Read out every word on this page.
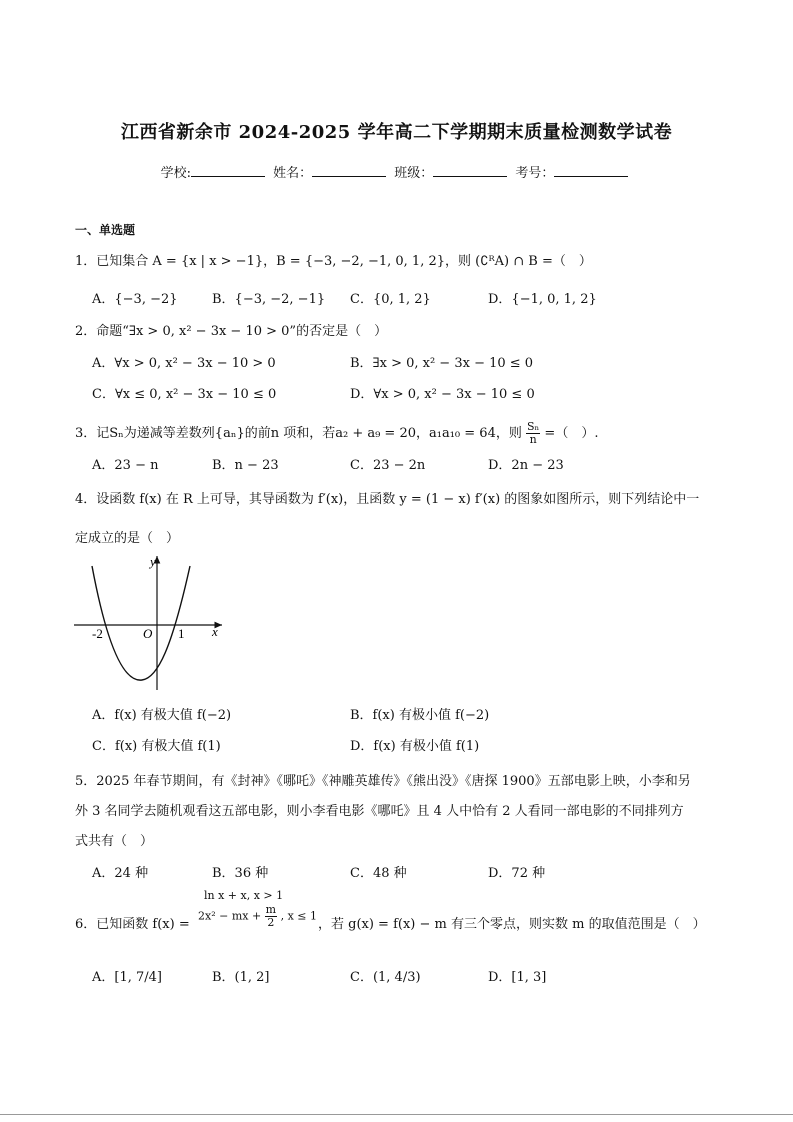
江西省新余市 2024-2025 学年高二下学期期末质量检测数学试卷
学校:	姓名：	班级：	考号：
一、单选题
1．已知集合 A = {x | x > −1}，B = {−3, −2, −1, 0, 1, 2}，则 (∁ᴿA) ∩ B =（　）
A．{−3, −2}	B．{−3, −2, −1} C．{0, 1, 2}	D．{−1, 0, 1, 2}
2．命题“∃x > 0, x² − 3x − 10 > 0”的否定是（　）
A．∀x > 0, x² − 3x − 10 > 0	B．∃x > 0, x² − 3x − 10 ≤ 0
C．∀x ≤ 0, x² − 3x − 10 ≤ 0	D．∀x > 0, x² − 3x − 10 ≤ 0
3．记Sₙ为递减等差数列{aₙ}的前n 项和，若a₂ + a₉ = 20，a₁a₁₀ = 64，则 $\frac{\text{Sₙ}}{n}$ =（　）.
A．23 − n	B．n − 23	C．23 − 2n	D．2n − 23
4．设函数 f(x) 在 R 上可导，其导函数为 f′(x)，且函数 y = (1 − x) f′(x) 的图象如图所示，则下列结论中一
定成立的是（　）
y
x
O
-2	1
A．f(x) 有极大值 f(−2)	B．f(x) 有极小值 f(−2)
C．f(x) 有极大值 f(1)	D．f(x) 有极小值 f(1)
5．2025 年春节期间，有《封神》《哪吒》《神雕英雄传》《熊出没》《唐探 1900》五部电影上映，小李和另
外 3 名同学去随机观看这五部电影，则小李看电影《哪吒》且 4 人中恰有 2 人看同一部电影的不同排列方
式共有（　）
A．24 种	B．36 种	C．48 种	D．72 种
6．已知函数 f(x) =
ln x + x, x > 1
2x² − mx + $\frac{m}{2}$ , x ≤ 1
，若 g(x) = f(x) − m 有三个零点，则实数 m 的取值范围是（　）
A．[1, 7/4]	B．(1, 2]	C．(1, 4/3)	D．[1, 3]
